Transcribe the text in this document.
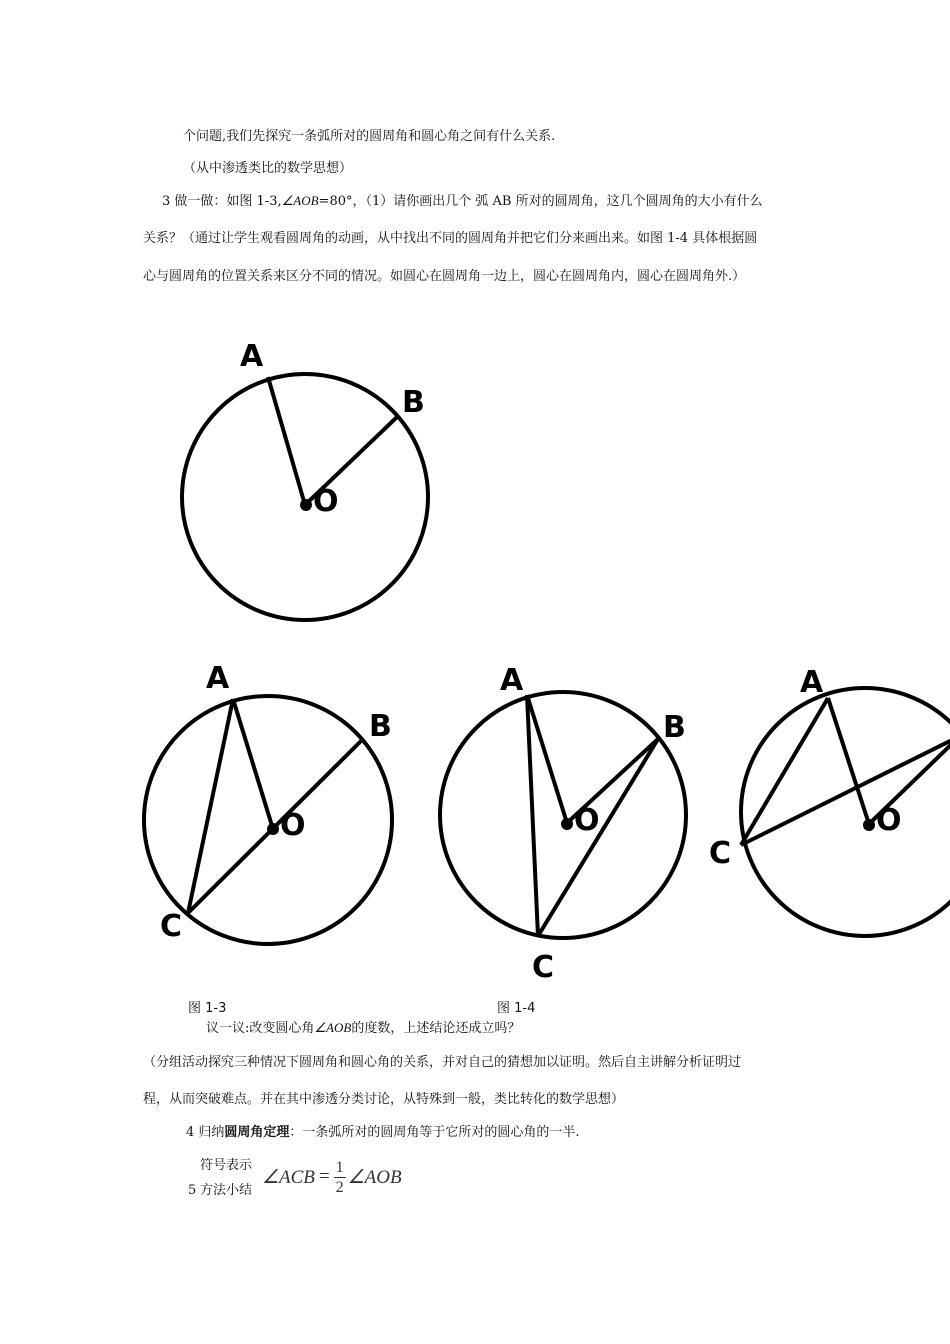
个问题,我们先探究一条弧所对的圆周角和圆心角之间有什么关系.
（从中渗透类比的数学思想）
3 做一做：如图 1-3,∠AOB=80°，（1）请你画出几个 弧 AB 所对的圆周角，这几个圆周角的大小有什么
关系？（通过让学生观看圆周角的动画，从中找出不同的圆周角并把它们分来画出来。如图 1-4 具体根据圆
心与圆周角的位置关系来区分不同的情况。如圆心在圆周角一边上，圆心在圆周角内，圆心在圆周角外.）
A
B
O
A
B
C
O
A
B
C
O
A
C
O
图 1-3	图 1-4
议一议:改变圆心角∠AOB的度数，上述结论还成立吗？
（分组活动探究三种情况下圆周角和圆心角的关系，并对自己的猜想加以证明。然后自主讲解分析证明过
程，从而突破难点。并在其中渗透分类讨论，从特殊到一般，类比转化的数学思想）
4 归纳圆周角定理：一条弧所对的圆周角等于它所对的圆心角的一半.
符号表示
5 方法小结
∠ACB = 1
2 ∠AOB
